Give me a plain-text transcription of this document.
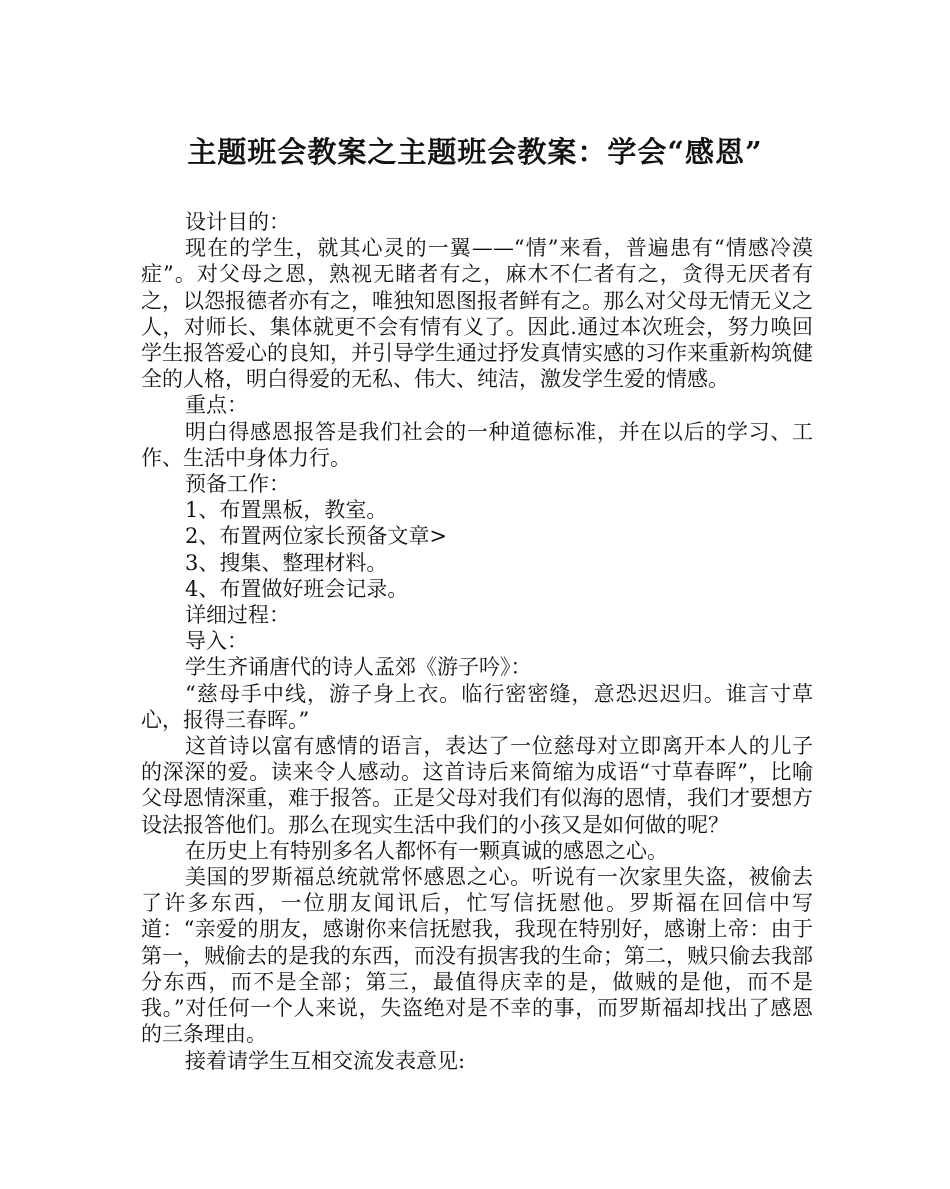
主题班会教案之主题班会教案：学会“感恩”

设计目的：

现在的学生，就其心灵的一翼——“情”来看，普遍患有“情感冷漠症”。对父母之恩，熟视无睹者有之，麻木不仁者有之，贪得无厌者有之，以怨报德者亦有之，唯独知恩图报者鲜有之。那么对父母无情无义之人，对师长、集体就更不会有情有义了。因此.通过本次班会，努力唤回学生报答爱心的良知，并引导学生通过抒发真情实感的习作来重新构筑健全的人格，明白得爱的无私、伟大、纯洁，激发学生爱的情感。

重点：

明白得感恩报答是我们社会的一种道德标准，并在以后的学习、工作、生活中身体力行。

预备工作：

1、布置黑板，教室。

2、布置两位家长预备文章>

3、搜集、整理材料。

4、布置做好班会记录。

详细过程：

导入：

学生齐诵唐代的诗人孟郊《游子吟》：

“慈母手中线，游子身上衣。临行密密缝，意恐迟迟归。谁言寸草心，报得三春晖。”

这首诗以富有感情的语言，表达了一位慈母对立即离开本人的儿子的深深的爱。读来令人感动。这首诗后来简缩为成语“寸草春晖”，比喻父母恩情深重，难于报答。正是父母对我们有似海的恩情，我们才要想方设法报答他们。那么在现实生活中我们的小孩又是如何做的呢？

在历史上有特别多名人都怀有一颗真诚的感恩之心。

美国的罗斯福总统就常怀感恩之心。听说有一次家里失盗，被偷去了许多东西，一位朋友闻讯后，忙写信抚慰他。罗斯福在回信中写道：“亲爱的朋友，感谢你来信抚慰我，我现在特别好，感谢上帝：由于第一，贼偷去的是我的东西，而没有损害我的生命；第二，贼只偷去我部分东西，而不是全部；第三，最值得庆幸的是，做贼的是他，而不是我。”对任何一个人来说，失盗绝对是不幸的事，而罗斯福却找出了感恩的三条理由。

接着请学生互相交流发表意见:
